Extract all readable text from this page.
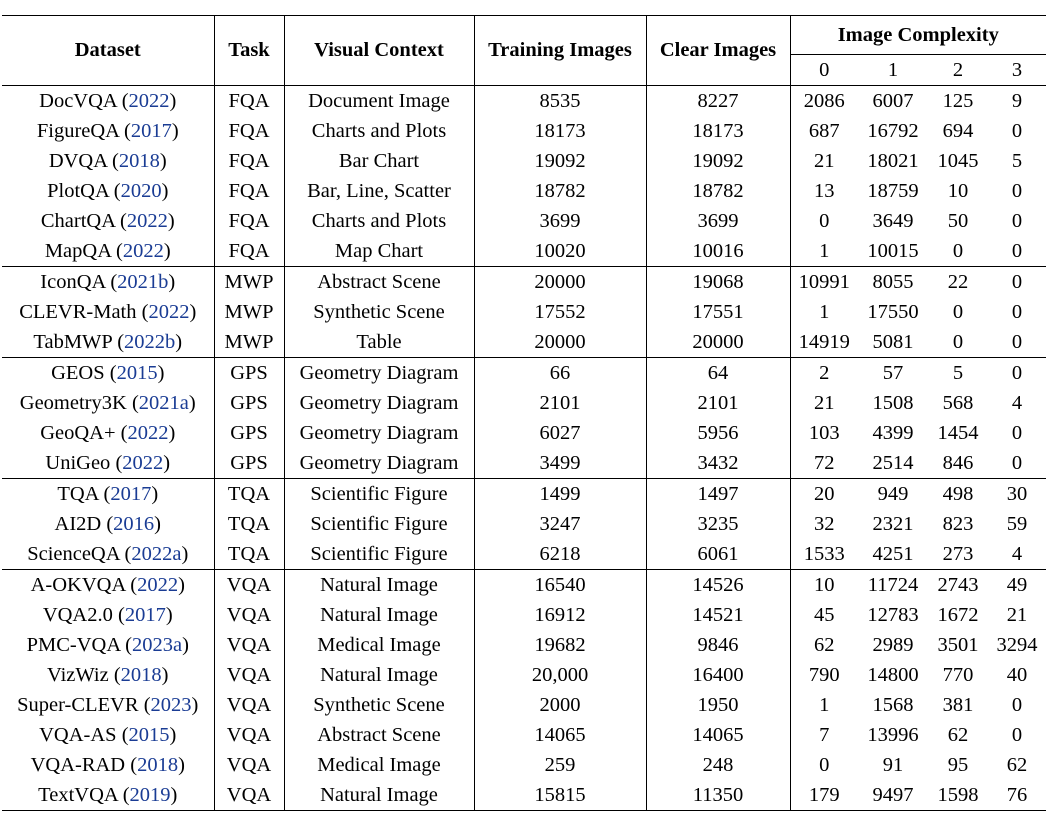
Dataset	Task	Visual Context	Training Images	Clear Images	Image Complexity			
					0	1	2	3
DocVQA (2022)	FQA	Document Image	8535	8227	2086	6007	125	9
FigureQA (2017)	FQA	Charts and Plots	18173	18173	687	16792	694	0
DVQA (2018)	FQA	Bar Chart	19092	19092	21	18021	1045	5
PlotQA (2020)	FQA	Bar, Line, Scatter	18782	18782	13	18759	10	0
ChartQA (2022)	FQA	Charts and Plots	3699	3699	0	3649	50	0
MapQA (2022)	FQA	Map Chart	10020	10016	1	10015	0	0
IconQA (2021b)	MWP	Abstract Scene	20000	19068	10991	8055	22	0
CLEVR-Math (2022)	MWP	Synthetic Scene	17552	17551	1	17550	0	0
TabMWP (2022b)	MWP	Table	20000	20000	14919	5081	0	0
GEOS (2015)	GPS	Geometry Diagram	66	64	2	57	5	0
Geometry3K (2021a)	GPS	Geometry Diagram	2101	2101	21	1508	568	4
GeoQA+ (2022)	GPS	Geometry Diagram	6027	5956	103	4399	1454	0
UniGeo (2022)	GPS	Geometry Diagram	3499	3432	72	2514	846	0
TQA (2017)	TQA	Scientific Figure	1499	1497	20	949	498	30
AI2D (2016)	TQA	Scientific Figure	3247	3235	32	2321	823	59
ScienceQA (2022a)	TQA	Scientific Figure	6218	6061	1533	4251	273	4
A-OKVQA (2022)	VQA	Natural Image	16540	14526	10	11724	2743	49
VQA2.0 (2017)	VQA	Natural Image	16912	14521	45	12783	1672	21
PMC-VQA (2023a)	VQA	Medical Image	19682	9846	62	2989	3501	3294
VizWiz (2018)	VQA	Natural Image	20,000	16400	790	14800	770	40
Super-CLEVR (2023)	VQA	Synthetic Scene	2000	1950	1	1568	381	0
VQA-AS (2015)	VQA	Abstract Scene	14065	14065	7	13996	62	0
VQA-RAD (2018)	VQA	Medical Image	259	248	0	91	95	62
TextVQA (2019)	VQA	Natural Image	15815	11350	179	9497	1598	76
